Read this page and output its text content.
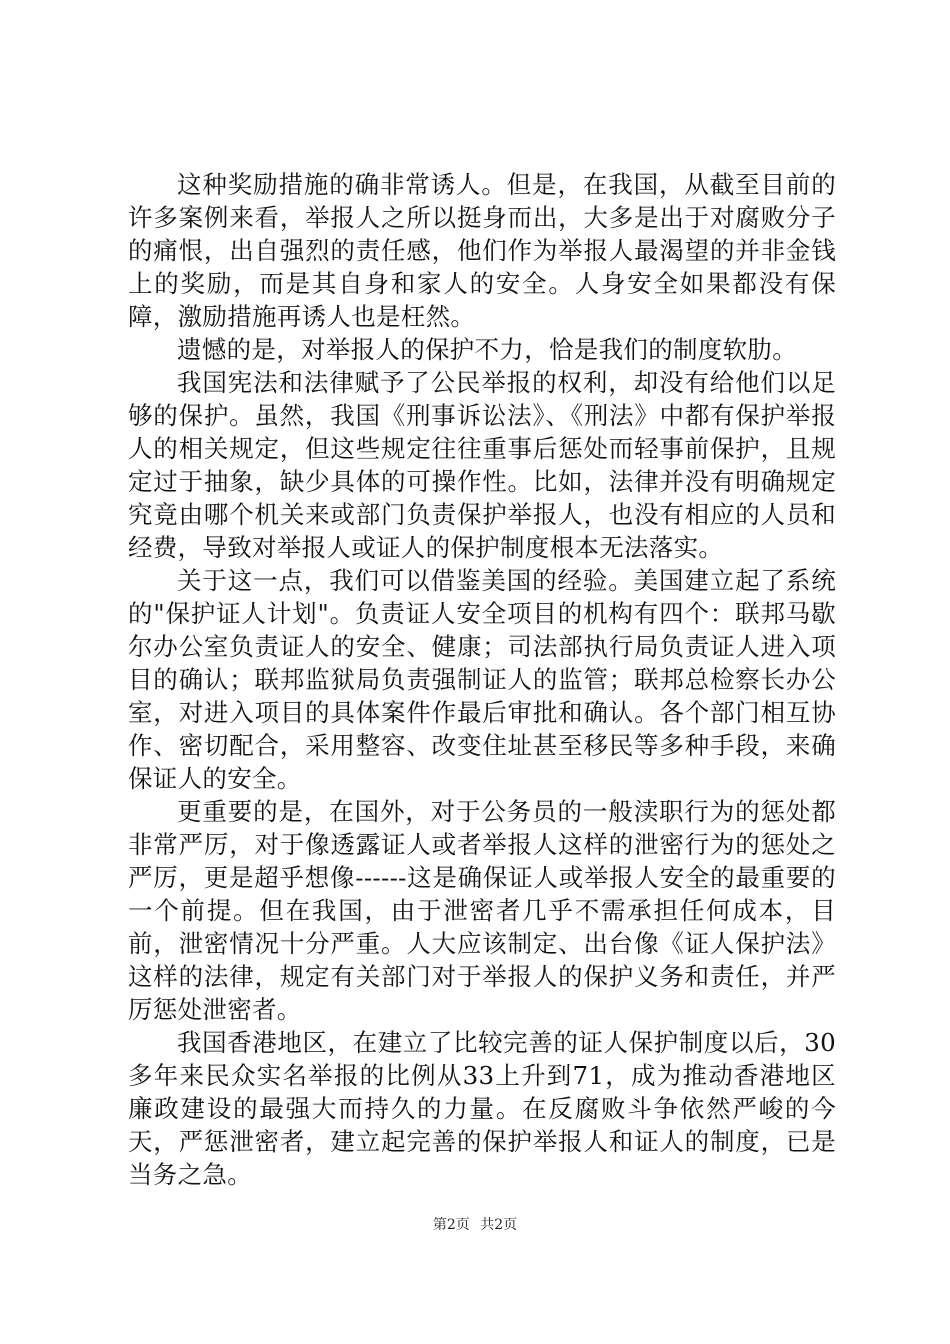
这种奖励措施的确非常诱人。但是，在我国，从截至目前的许多案例来看，举报人之所以挺身而出，大多是出于对腐败分子的痛恨，出自强烈的责任感，他们作为举报人最渴望的并非金钱上的奖励，而是其自身和家人的安全。人身安全如果都没有保障，激励措施再诱人也是枉然。

遗憾的是，对举报人的保护不力，恰是我们的制度软肋。

我国宪法和法律赋予了公民举报的权利，却没有给他们以足够的保护。虽然，我国《刑事诉讼法》、《刑法》中都有保护举报人的相关规定，但这些规定往往重事后惩处而轻事前保护，且规定过于抽象，缺少具体的可操作性。比如，法律并没有明确规定究竟由哪个机关来或部门负责保护举报人，也没有相应的人员和经费，导致对举报人或证人的保护制度根本无法落实。

关于这一点，我们可以借鉴美国的经验。美国建立起了系统的"保护证人计划"。负责证人安全项目的机构有四个：联邦马歇尔办公室负责证人的安全、健康；司法部执行局负责证人进入项目的确认；联邦监狱局负责强制证人的监管；联邦总检察长办公室，对进入项目的具体案件作最后审批和确认。各个部门相互协作、密切配合，采用整容、改变住址甚至移民等多种手段，来确保证人的安全。

更重要的是，在国外，对于公务员的一般渎职行为的惩处都非常严厉，对于像透露证人或者举报人这样的泄密行为的惩处之严厉，更是超乎想像------这是确保证人或举报人安全的最重要的一个前提。但在我国，由于泄密者几乎不需承担任何成本，目前，泄密情况十分严重。人大应该制定、出台像《证人保护法》这样的法律，规定有关部门对于举报人的保护义务和责任，并严厉惩处泄密者。

我国香港地区，在建立了比较完善的证人保护制度以后，30多年来民众实名举报的比例从33上升到71，成为推动香港地区廉政建设的最强大而持久的力量。在反腐败斗争依然严峻的今天，严惩泄密者，建立起完善的保护举报人和证人的制度，已是当务之急。

第2页 共2页
